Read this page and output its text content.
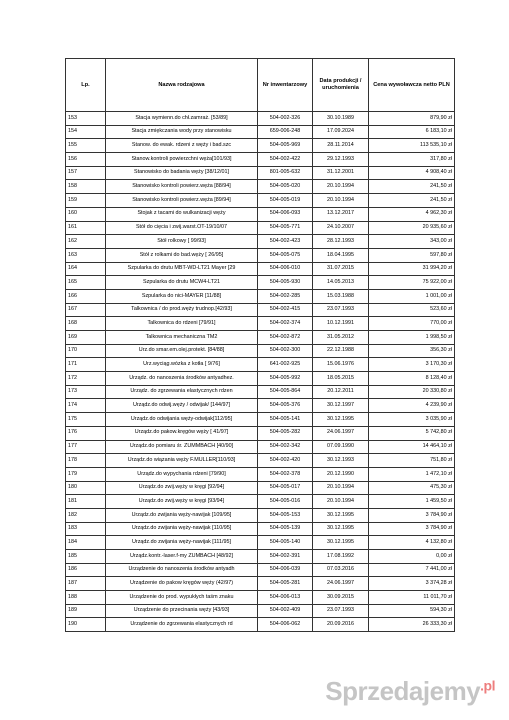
Lp.	Nazwa rodzajowa	Nr inwentarzowy	Data produkcji / uruchomienia	Cena wywoławcza netto PLN
153	Stacja wymienn.do chł.zamraż. [53/89]	504-002-326	30.10.1989	879,90 zł
154	Stacja zmiękczania wody przy stanowisku	659-006-248	17.09.2024	6 183,10 zł
155	Stanow. do ewak. rdzeni z węży i bad.szc	504-005-969	28.11.2014	113 535,10 zł
156	Stanow.kontroli powierzchni węża[101/93]	504-002-422	29.12.1993	317,80 zł
157	Stanowisko do badania węży [38/12/01]	801-005-632	31.12.2001	4 908,40 zł
158	Stanowisko kontroli powierz.węża [88/94]	504-005-020	20.10.1994	241,50 zł
159	Stanowisko kontroli powierz.węża [89/94]	504-005-019	20.10.1994	241,50 zł
160	Stojak z tacami do wulkanizacji węży	504-006-093	13.12.2017	4 962,30 zł
161	Stół do cięcia i zwij.warst.OT-19/10/07	504-005-771	24.10.2007	20 935,60 zł
162	Stół rolkowy [ 99/93]	504-002-423	28.12.1993	343,00 zł
163	Stół z rolkami do bad.węży [ 26/95]	504-005-075	18.04.1995	597,80 zł
164	Szpularka do drutu MBT-WD-LT21 Mayer [29	504-006-010	31.07.2015	31 994,20 zł
165	Szpularka do drutu MCW4-LT21	504-005-930	14.05.2013	75 922,00 zł
166	Szpularka do nici-MAYER [11/88]	504-002-285	15.03.1988	1 001,00 zł
167	Talkownica / do prod.węży trudnop.[42/93]	504-002-415	23.07.1993	523,60 zł
168	Talkownica do rdzeni [79/91]	504-002-374	10.12.1991	770,00 zł
169	Talkownica mechaniczna TM2	504-002-872	31.05.2012	1 998,50 zł
170	Urz.do smar.em.olej.protekt. [84/88]	504-002-300	22.12.1988	356,30 zł
171	Urz.wyciąg.wózka z kotła [ 9/76]	641-002-925	15.06.1976	3 170,30 zł
172	Urządz. do nanoszenia środków antyadhez.	504-005-992	18.05.2015	8 128,40 zł
173	Urządz. do zgrzewania elastycznych rdzen	504-005-864	20.12.2011	20 330,80 zł
174	Urządz.do odwij.węży / odwijak/ [144/97]	504-005-376	30.12.1997	4 239,90 zł
175	Urządz.do odwijania węży-odwijak[112/95]	504-005-141	30.12.1995	3 035,90 zł
176	Urządz.do pakow.kręgów węży [ 41/97]	504-005-282	24.06.1997	5 742,80 zł
177	Urządz.do pomiaru śr. ZUMMBACH [40/90]	504-002-342	07.09.1990	14 464,10 zł
178	Urządz.do wiązania węży F.MULLER[110/93]	504-002-420	30.12.1993	751,80 zł
179	Urządz.do wypychania rdzeni [79/90]	504-002-378	20.12.1990	1 472,10 zł
180	Urządz.do zwij.węży w kręgi [92/94]	504-005-017	20.10.1994	475,30 zł
181	Urządz.do zwij.węży w kręgi [93/94]	504-005-016	20.10.1994	1 459,50 zł
182	Urządz.do zwijania węży-nawijak [109/95]	504-005-153	30.12.1995	3 784,90 zł
183	Urządz.do zwijania węży-nawijak [110/95]	504-005-139	30.12.1995	3 784,90 zł
184	Urządz.do zwijania węży-nawijak [111/95]	504-005-140	30.12.1995	4 132,80 zł
185	Urządz.kontr.-laser.f-my ZUMBACH [48/92]	504-002-391	17.08.1992	0,00 zł
186	Urządzenie do nanoszenia środków antyadh	504-006-039	07.03.2016	7 441,00 zł
187	Urządzenie do pakow kręgów węży (42/97)	504-005-281	24.06.1997	3 374,28 zł
188	Urządzenie do prod. wypukłych taśm znaku	504-006-013	30.09.2015	11 011,70 zł
189	Urządzenie do przecinania węży [43/93]	504-002-409	23.07.1993	594,30 zł
190	Urządzenie do zgrzewania elastycznych rd	504-006-062	20.09.2016	26 333,30 zł
Sprzedajemy$^{.pl}$
